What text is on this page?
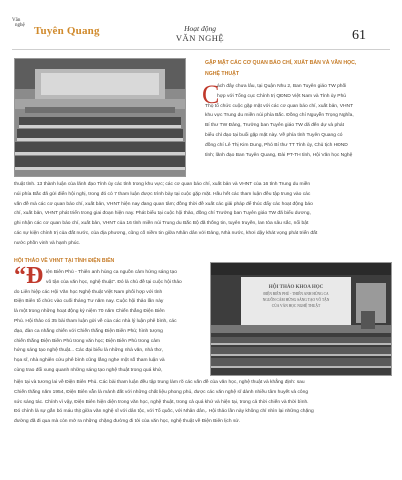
Văn
nghệ Tuyên Quang	Hoạt động
VĂN NGHỆ	61
GẶP MẶT CÁC CƠ QUAN BÁO CHÍ, XUẤT BẢN VÀ VĂN HỌC,
NGHỆ THUẬT
C
ách đây chưa lâu, tại Quận Nhu 2, Ban Tuyên giáo TW phối
hợp với Tổng cục Chính trị QĐND Việt Nam và Tỉnh ủy Phú
Thọ tổ chức cuộc gặp mặt với các cơ quan báo chí, xuất bản, VHNT
khu vực Trung du miền núi phía Bắc. Đồng chí Nguyễn Trọng Nghĩa,
Bí thư TW Đảng, Trưởng ban Tuyên giáo TW dã đến dự và phát
biểu chỉ đạo tại buổi gặp mặt này. Về phía tỉnh Tuyên Quang có
đồng chí Lê Thị Kim Dung, Phó Bí thư TT Tỉnh ủy, Chủ tịch HĐND
tỉnh; lãnh đạo Ban Tuyên Quang, Đài PT-TH tỉnh, Hội Văn học Nghệ
thuật tỉnh. 13 thành luận của lãnh đạo Tỉnh ủy các tỉnh trong khu vực; các cơ quan báo chí, xuất bản và VHNT của 16 tỉnh Trung du miền
núi phía Bắc đã gửi điển hội nghị, trong đó có 7 tham luận được trình bày tại cuộc gặp mặt. Hầu hết các tham luận đều tập trung vào các
vấn đề mà các cơ quan báo chí, xuất bản, VHNT hiện nay đang quan tâm; đồng thời đề xuất các giải pháp để thúc đẩy các hoạt động báo
chí, xuất bản, VHNT phát triển trong giai đoạn hiện nay. Phát biểu tại cuộc hội thảo, đồng chí Trưởng ban Tuyên giáo TW đã biểu dương,
ghi nhận các cơ quan báo chí, xuất bản, VHNT của 16 tỉnh miền núi Trung du Bắc Bộ đã thống tin, tuyên truyền, lan tỏa sâu sắc, nổi bật
các sự kiện chính trị của đất nước, của địa phương, cũng cố niềm tin giữa Nhân dân với Đảng, Nhà nước, khơi dậy khát vọng phát triển đất
nước phồn vinh và hạnh phúc.
HỘI THẢO VỀ VHNT TẠI TỈNH ĐIỆN BIÊN
“Đ iện Biên Phủ - Thiên anh hùng ca nguồn cảm hứng sáng tạo
vô tận của văn học, nghệ thuật". Đó là chủ đề tại cuộc hội thảo
do Liên hiệp các Hội Văn học Nghệ thuật Việt Nam phối hợp với tỉnh
Điện Biên tổ chức vào cuối tháng Tư năm nay. Cuộc hội thảo lần này
là một trong những hoạt động kỷ niệm 70 năm Chiến thắng Điện Biên
Phủ. Hội thảo có 35 bài tham luận gửi về của các nhà lý luận phê bình, các
đạo, đàn ca nhằng chiến với Chiến thắng Điện Biên Phủ; hình tượng
chiến thắng Điện Biên Phủ trong văn học; Điện Biên Phủ trong cảm
hứng sáng tạo nghệ thuật... Các đại biểu là những nhà văn, nhà thơ,
họa sĩ, nhà nghiên cứu phê bình cũng lắng nghe một số tham luận và
cùng trao đổi xung quanh những sáng tạo nghệ thuật trong quá khứ,
HỘI THẢO KHOA HỌC
ĐIỆN BIÊN PHỦ - THIÊN ANH HÙNG CA
NGUỒN CẢM HỨNG SÁNG TẠO VÔ TẬN
CỦA VĂN HỌC NGHỆ THUẬT
hiện tại và tương lai về Điện Biên Phủ. Các bài tham luận đều tập trung làm rõ các vấn đề của văn học, nghệ thuật và khẳng định: sau
Chiến thắng năm 1954, Điện Biên vẫn là mảnh đất với những chất liệu phong phú, được các văn nghệ sĩ dành nhiều tâm huyết và công
sức sáng tác. Chính vì vậy, Điện Biên hiện diện trong văn học, nghệ thuật, trong cả quá khứ và hiện tại, trong cả thời chiến và thời bình.
Đó chính là sự gắn bó máu thịt giữa văn nghệ sĩ với dân tộc, với Tổ quốc, với Nhân dân,. Hội thảo lần này không chỉ nhìn lại những chặng
đường đã đi qua mà còn mở ra những chặng đường đi tới của văn học, nghệ thuật về Điện Biên lịch sử.
